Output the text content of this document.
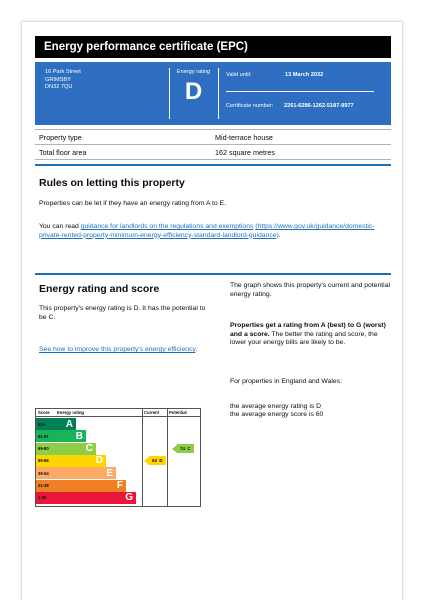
Energy performance certificate (EPC)
16 Park Street
GRIMSBY
DN32 7QU
Energy rating
D
Valid until:	13 March 2032
Certificate number: 2261-6286-1262-5187-8977
Property type	Mid-terrace house
Total floor area	162 square metres
Rules on letting this property
Properties can be let if they have an energy rating from A to E.
You can read guidance for landlords on the regulations and exemptions (https://www.gov.uk/guidance/domestic-private-rented-property-minimum-energy-efficiency-standard-landlord-guidance).
Energy rating and score
This property's energy rating is D. It has the potential to be C.
See how to improve this property's energy efficiency.
The graph shows this property's current and potential energy rating.
Properties get a rating from A (best) to G (worst) and a score. The better the rating and score, the lower your energy bills are likely to be.
For properties in England and Wales:
the average energy rating is D
the average energy score is 60
Score Energy rating	Current Potential
92+ A
81-91	B
69-80	C
55-68	D
39-54	E
21-38	F
1-20	G
62  D
74  C
